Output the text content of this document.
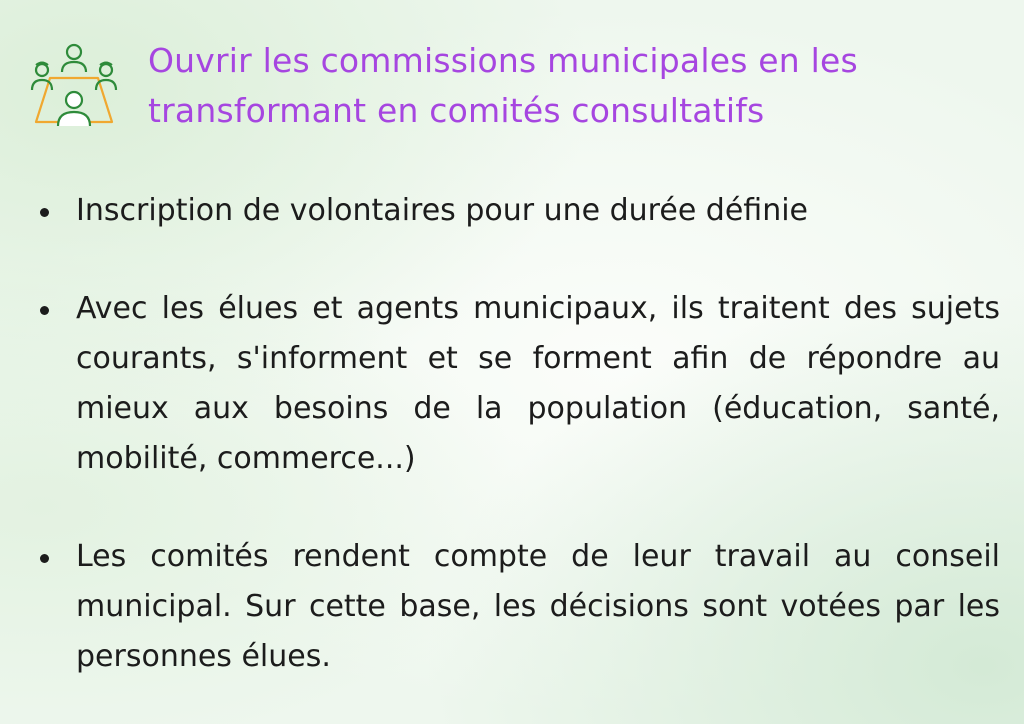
Ouvrir les commissions municipales en les
transformant en comités consultatifs
Inscription de volontaires pour une durée définie
Avec les élues et agents municipaux, ils traitent des sujets courants, s'informent et se forment afin de répondre au mieux aux besoins de la population (éducation, santé, mobilité, commerce...)
Les comités rendent compte de leur travail au conseil municipal. Sur cette base, les décisions sont votées par les personnes élues.
